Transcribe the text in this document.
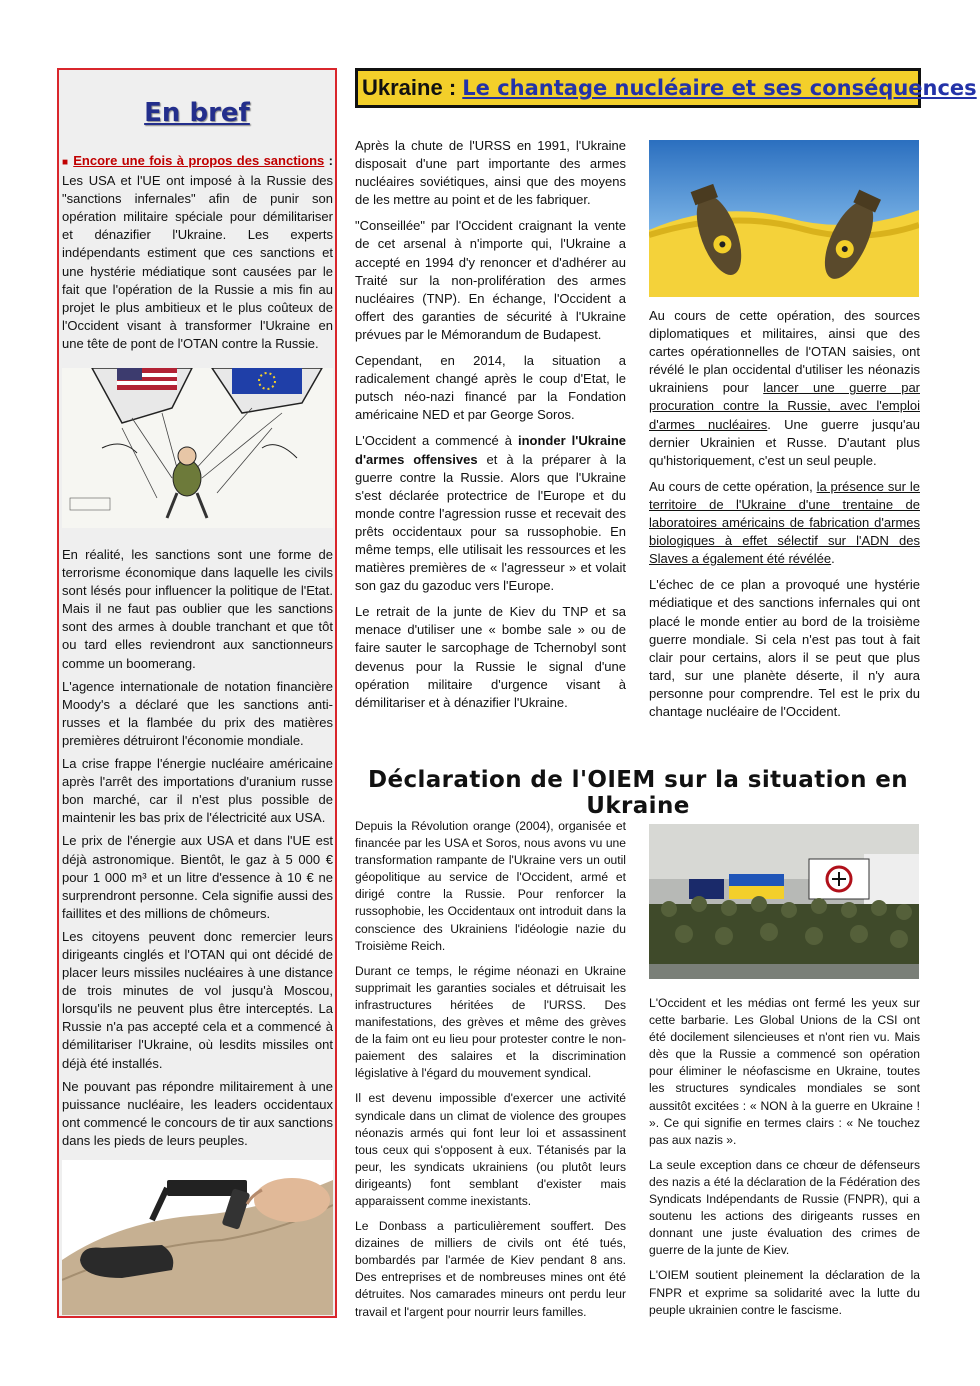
En bref

■ Encore une fois à propos des sanctions : Les USA et l'UE ont imposé à la Russie des "sanctions infernales" afin de punir son opération militaire spéciale pour démilitariser et dénazifier l'Ukraine. Les experts indépendants estiment que ces sanctions et une hystérie médiatique sont causées par le fait que l'opération de la Russie a mis fin au projet le plus ambitieux et le plus coûteux de l'Occident visant à transformer l'Ukraine en une tête de pont de l'OTAN contre la Russie.

En réalité, les sanctions sont une forme de terrorisme économique dans laquelle les civils sont lésés pour influencer la politique de l'Etat. Mais il ne faut pas oublier que les sanctions sont des armes à double tranchant et que tôt ou tard elles reviendront aux sanctionneurs comme un boomerang.

L'agence internationale de notation financière Moody's a déclaré que les sanctions anti-russes et la flambée du prix des matières premières détruiront l'économie mondiale.

La crise frappe l'énergie nucléaire américaine après l'arrêt des importations d'uranium russe bon marché, car il n'est plus possible de maintenir les bas prix de l'électricité aux USA.

Le prix de l'énergie aux USA et dans l'UE est déjà astronomique. Bientôt, le gaz à 5 000 € pour 1 000 m³ et un litre d'essence à 10 € ne surprendront personne. Cela signifie aussi des faillites et des millions de chômeurs.

Les citoyens peuvent donc remercier leurs dirigeants cinglés et l'OTAN qui ont décidé de placer leurs missiles nucléaires à une distance de trois minutes de vol jusqu'à Moscou, lorsqu'ils ne peuvent plus être interceptés. La Russie n'a pas accepté cela et a commencé à démilitariser l'Ukraine, où lesdits missiles ont déjà été installés.

Ne pouvant pas répondre militairement à une puissance nucléaire, les leaders occidentaux ont commencé le concours de tir aux sanctions dans les pieds de leurs peuples.

Ukraine : Le chantage nucléaire et ses conséquences

Après la chute de l'URSS en 1991, l'Ukraine disposait d'une part importante des armes nucléaires soviétiques, ainsi que des moyens de les mettre au point et de les fabriquer.

"Conseillée" par l'Occident craignant la vente de cet arsenal à n'importe qui, l'Ukraine a accepté en 1994 d'y renoncer et d'adhérer au Traité sur la non-prolifération des armes nucléaires (TNP). En échange, l'Occident a offert des garanties de sécurité à l'Ukraine prévues par le Mémorandum de Budapest.

Cependant, en 2014, la situation a radicalement changé après le coup d'Etat, le putsch néo-nazi financé par la Fondation américaine NED et par George Soros.

L'Occident a commencé à inonder l'Ukraine d'armes offensives et à la préparer à la guerre contre la Russie. Alors que l'Ukraine s'est déclarée protectrice de l'Europe et du monde contre l'agression russe et recevait des prêts occidentaux pour sa russophobie. En même temps, elle utilisait les ressources et les matières premières de « l'agresseur » et volait son gaz du gazoduc vers l'Europe.

Le retrait de la junte de Kiev du TNP et sa menace d'utiliser une « bombe sale » ou de faire sauter le sarcophage de Tchernobyl sont devenus pour la Russie le signal d'une opération militaire d'urgence visant à démilitariser et à dénazifier l'Ukraine.

Au cours de cette opération, des sources diplomatiques et militaires, ainsi que des cartes opérationnelles de l'OTAN saisies, ont révélé le plan occidental d'utiliser les néonazis ukrainiens pour lancer une guerre par procuration contre la Russie, avec l'emploi d'armes nucléaires. Une guerre jusqu'au dernier Ukrainien et Russe. D'autant plus qu'historiquement, c'est un seul peuple.

Au cours de cette opération, la présence sur le territoire de l'Ukraine d'une trentaine de laboratoires américains de fabrication d'armes biologiques à effet sélectif sur l'ADN des Slaves a également été révélée.

L'échec de ce plan a provoqué une hystérie médiatique et des sanctions infernales qui ont placé le monde entier au bord de la troisième guerre mondiale. Si cela n'est pas tout à fait clair pour certains, alors il se peut que plus tard, sur une planète déserte, il n'y aura personne pour comprendre. Tel est le prix du chantage nucléaire de l'Occident.

Déclaration de l'OIEM sur la situation en Ukraine

Depuis la Révolution orange (2004), organisée et financée par les USA et Soros, nous avons vu une transformation rampante de l'Ukraine vers un outil géopolitique au service de l'Occident, armé et dirigé contre la Russie. Pour renforcer la russophobie, les Occidentaux ont introduit dans la conscience des Ukrainiens l'idéologie nazie du Troisième Reich.

Durant ce temps, le régime néonazi en Ukraine supprimait les garanties sociales et détruisait les infrastructures héritées de l'URSS. Des manifestations, des grèves et même des grèves de la faim ont eu lieu pour protester contre le non-paiement des salaires et la discrimination législative à l'égard du mouvement syndical.

Il est devenu impossible d'exercer une activité syndicale dans un climat de violence des groupes néonazis armés qui font leur loi et assassinent tous ceux qui s'opposent à eux. Tétanisés par la peur, les syndicats ukrainiens (ou plutôt leurs dirigeants) font semblant d'exister mais apparaissent comme inexistants.

Le Donbass a particulièrement souffert. Des dizaines de milliers de civils ont été tués, bombardés par l'armée de Kiev pendant 8 ans. Des entreprises et de nombreuses mines ont été détruites. Nos camarades mineurs ont perdu leur travail et l'argent pour nourrir leurs familles.

L'Occident et les médias ont fermé les yeux sur cette barbarie. Les Global Unions de la CSI ont été docilement silencieuses et n'ont rien vu. Mais dès que la Russie a commencé son opération pour éliminer le néofascisme en Ukraine, toutes les structures syndicales mondiales se sont aussitôt excitées : « NON à la guerre en Ukraine ! ». Ce qui signifie en termes clairs : « Ne touchez pas aux nazis ».

La seule exception dans ce chœur de défenseurs des nazis a été la déclaration de la Fédération des Syndicats Indépendants de Russie (FNPR), qui a soutenu les actions des dirigeants russes en donnant une juste évaluation des crimes de guerre de la junte de Kiev.

L'OIEM soutient pleinement la déclaration de la FNPR et exprime sa solidarité avec la lutte du peuple ukrainien contre le fascisme.
